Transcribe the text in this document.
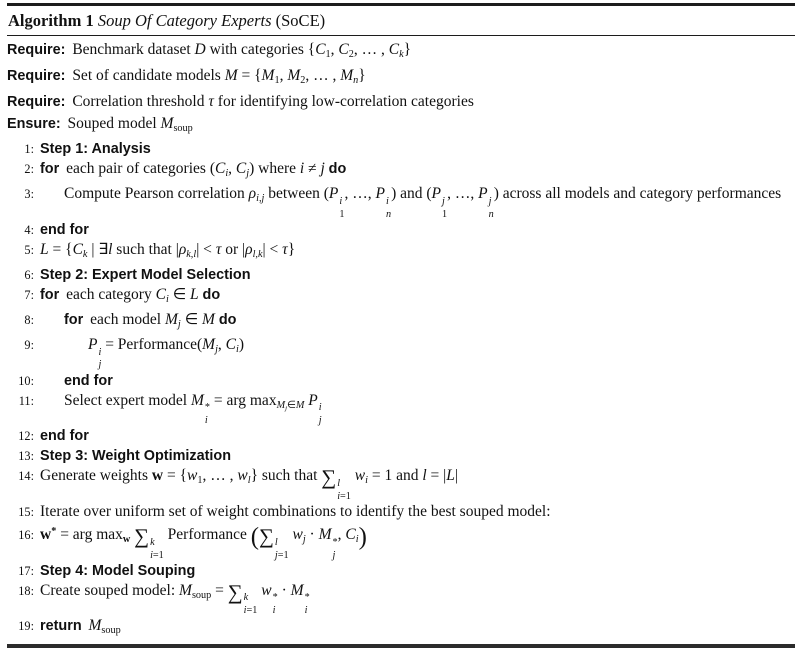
Algorithm 1 Soup Of Category Experts (SoCE)
Require: Benchmark dataset D with categories {$C_1$, $C_2$, … , $C_k$}
Require: Set of candidate models $M = \{M_1$, $M_2$, … , $M_n$}
Require: Correlation threshold τ for identifying low-correlation categories
Ensure: Souped model $M_{soup}$
1: Step 1: Analysis
2: for each pair of categories ($C_i$, $C_j$) where i ≠ j do
3:	Compute Pearson correlation $\rho_{i,j}$ between (P i
1
, …, P i
n
) and (P j
1
, …, P j
n
) across all models and category performances
4: end for
5: $L = \{C_k$ | ∃l such that $|\rho_{k,l}| < \tau$ or $|\rho_{l,k}| < \tau$}
6: Step 2: Expert Model Selection
7: for each category $C_i$ ∈ L do
8:	for each model $M_j$ ∈ M do
9:	P i
j
= $Performance(M_j$, $C_i$)
10:	end for
11:	Select expert model M *
i
= arg $\max_{M_j\in M} P$ i
j
12: end for
13: Step 3: Weight Optimization
14: Generate weights $w = \{w_1$, … , $w_l$} such that ∑ l
i=1
$w_i = 1$ and l = |L|
15: Iterate over uniform set of weight combinations to identify the best souped model:
16: w* = arg $\max_w$ ∑ k
i=1
Performance (∑ l
j=1
$w_j \cdot M$ *
j
, $C_i$)
17: Step 4: Model Souping
18: Create souped model: $M_{soup}$ = ∑ k
i=1
w *
i
· M *
i
19: return $M_{soup}$
